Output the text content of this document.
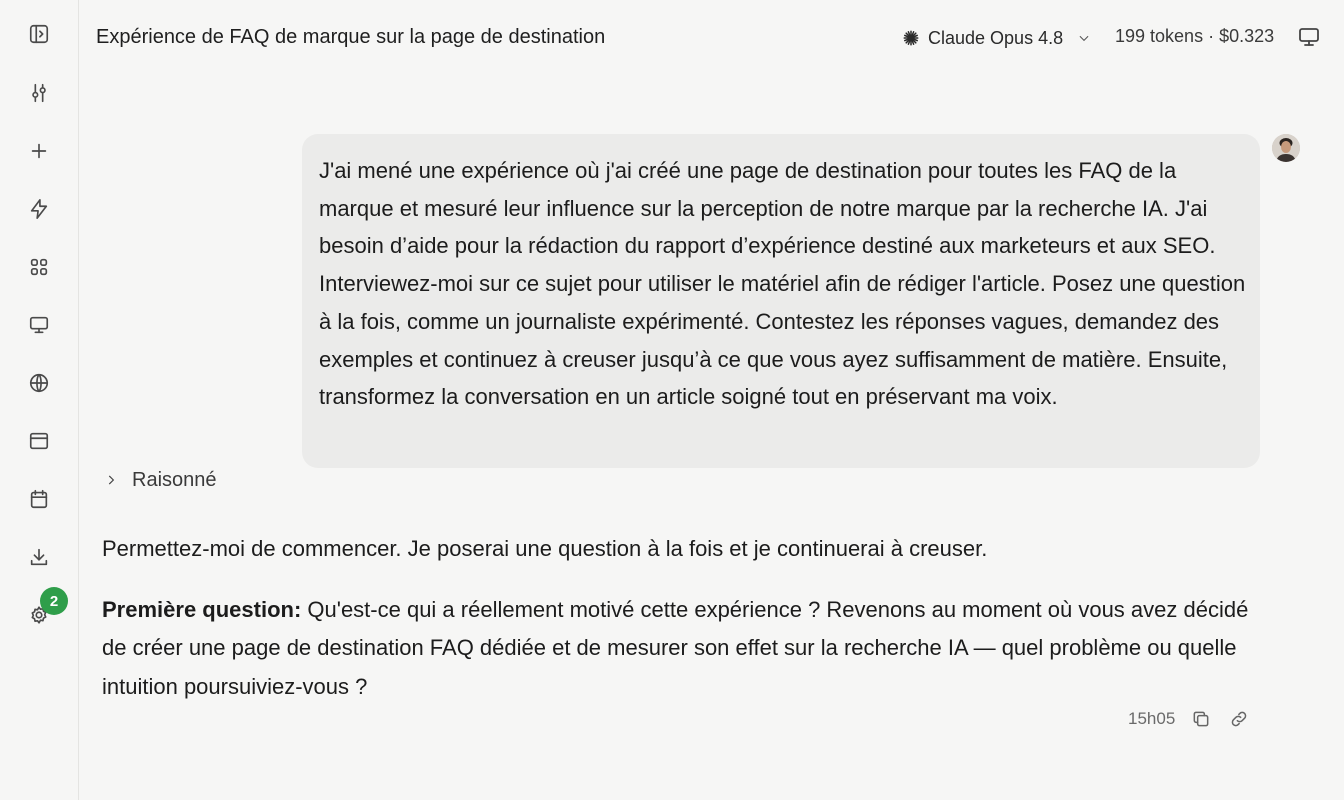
2
Expérience de FAQ de marque sur la page de destination	Claude Opus 4.8	199 tokens · $0.323
J'ai mené une expérience où j'ai créé une page de destination pour toutes les FAQ de la marque et mesuré leur influence sur la perception de notre marque par la recherche IA. J'ai besoin d’aide pour la rédaction du rapport d’expérience destiné aux marketeurs et aux SEO. Interviewez-moi sur ce sujet pour utiliser le matériel afin de rédiger l'article. Posez une question à la fois, comme un journaliste expérimenté. Contestez les réponses vagues, demandez des exemples et continuez à creuser jusqu’à ce que vous ayez suffisamment de matière. Ensuite, transformez la conversation en un article soigné tout en préservant ma voix.
Raisonné

Permettez-moi de commencer. Je poserai une question à la fois et je continuerai à creuser.

Première question: Qu'est-ce qui a réellement motivé cette expérience ? Revenons au moment où vous avez décidé de créer une page de destination FAQ dédiée et de mesurer son effet sur la recherche IA — quel problème ou quelle intuition poursuiviez-vous ?

15h05
